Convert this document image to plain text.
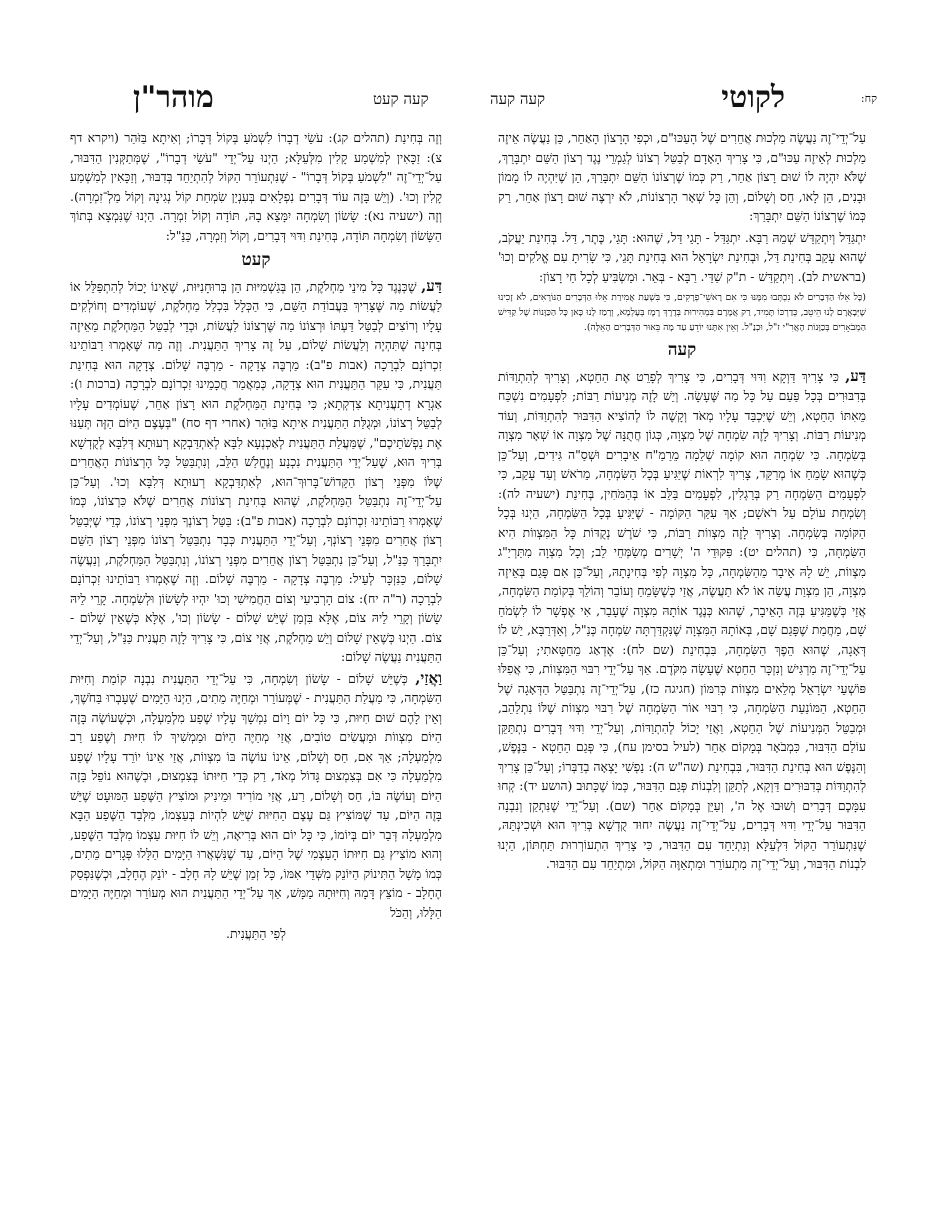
קח:
לקוטי
קעה קעה
קעה קעט
מוהר"ן

עַל־יְדֵי־זֶה נַעֲשֶׂה מַלְכוּת אֲחֵרִים שֶׁל הָעַכּוּ"ם, וּכְפִי הָרָצוֹן הָאַחֵר, כֵּן נַעֲשֶׂה אֵיזֶה מַלְכוּת לְאֵיזֶה עַכּוּ"ם, כִּי צָרִיךְ הָאָדָם לְבַטֵּל רְצוֹנוֹ לְגַמְרֵי נֶגֶד רְצוֹן הַשֵּׁם יִתְבָּרַךְ, שֶׁלֹּא יִהְיֶה לוֹ שׁוּם רָצוֹן אַחֵר, רַק כְּמוֹ שֶׁרְצוֹנוֹ הַשֵּׁם יִתְבָּרַךְ, הֵן שֶׁיִּהְיֶה לוֹ מָמוֹן וּבָנִים, הֵן לָאו, חַס וְשָׁלוֹם, וְהֵן כָּל שְׁאָר הָרְצוֹנוֹת, לֹא יִרְצֶה שׁוּם רָצוֹן אַחֵר, רַק כְּמוֹ שֶׁרְצוֹנוֹ הַשֵּׁם יִתְבָּרַךְ:

יִתְגַּדַּל וְיִתְקַדַּשׁ שְׁמֵהּ רַבָּא. יִתְגַּדַּל - תָּגֵי דַּל, שֶׁהוּא: תָּגֵי, כֶּתֶר, דַּל. בְּחִינַת יַעֲקֹב, שֶׁהוּא עָקֵב בְּחִינַת דַּל, וּבְחִינַת יִשְׂרָאֵל הוּא בְּחִינַת תָּגֵי, כִּי שָׂרִיתָ עִם אֱלֹקִים וְכוּ' (בראשית לב). וְיִתְקַדַּשׁ - ת"ק שַׁדַּי. רַבָּא - בְּאֵר. וּמַשְׂבִּיעַ לְכָל חַי רָצוֹן:

(כָּל אֵלּוּ הַדְּבָרִים לֹא נִכְתְּבוּ מִמֶּנּוּ כִּי אִם רָאשֵׁי־פְרָקִים, כִּי בִּשְׁעַת אֲמִירַת אֵלּוּ הַדְּבָרִים הַנּוֹרָאִים, לֹא זָכִינוּ שֶׁיְּבָאֲרָם לָנוּ הֵיטֵב, כְּדַרְכּוֹ תָּמִיד, רַק אֲמָרָם בִּמְהִירוּת בְּדֶרֶךְ רֶמֶז בְּעָלְמָא, וְרָמַז לָנוּ כָּאן כָּל הַכַּוָּנוֹת שֶׁל קַדִּישׁ הַמְבֹאָרִים בְּכַוָּנוֹת הָאֲרִ"י ז"ל, וּכְנַ"ל. וְאֵין אִתָּנוּ יוֹדֵעַ עַד מָה בֵּאוּר הַדְּבָרִים הָאֵלֶּה).

קעה

דַּע, כִּי צָרִיךְ דַּוְקָא וִדּוּי דְּבָרִים, כִּי צָרִיךְ לְפָרֵט אֶת הַחֵטְא, וְצָרִיךְ לְהִתְוַדּוֹת בְּדִבּוּרִים בְּכָל פַּעַם עַל כָּל מַה שֶּׁעָשָׂה. וְיֵשׁ לָזֶה מְנִיעוֹת רַבּוֹת; לִפְעָמִים נִשְׁכַּח מֵאִתּוֹ הַחֵטְא, וְיֵשׁ שֶׁיִּכְבַּד עָלָיו מְאֹד וְקָשֶׁה לוֹ לְהוֹצִיא הַדִּבּוּר לְהִתְוַדּוֹת, וְעוֹד מְנִיעוֹת רַבּוֹת. וְצָרִיךְ לָזֶה שִׂמְחָה שֶׁל מִצְוָה, כְּגוֹן חֲתֻנָּה שֶׁל מִצְוָה אוֹ שְׁאָר מִצְוָה בְּשִׂמְחָה. כִּי שִׂמְחָה הוּא קוֹמָה שְׁלֵמָה מֵרַמַ"ח אֵיבָרִים וּשְׁסַ"ה גִּידִים, וְעַל־כֵּן כְּשֶׁהוּא שָׂמֵחַ אוֹ מְרַקֵּד, צָרִיךְ לִרְאוֹת שֶׁיַּגִּיעַ בְּכָל הַשִּׂמְחָה, מֵרֹאשׁ וְעַד עָקֵב, כִּי לִפְעָמִים הַשִּׂמְחָה רַק בְּרַגְלִין, לִפְעָמִים בַּלֵּב אוֹ בְּהַמֹּחִין, בְּחִינַת (ישעיה לה): וְשִׂמְחַת עוֹלָם עַל רֹאשָׁם; אַךְ עִקַּר הַקּוֹמָה - שֶׁיַּגִּיעַ בְּכָל הַשִּׂמְחָה, הַיְנוּ בְּכָל הַקּוֹמָה בְּשִׂמְחָה. וְצָרִיךְ לָזֶה מִצְווֹת רַבּוֹת, כִּי שֹׁרֶשׁ נְקֻדּוֹת כָּל הַמִּצְווֹת הִיא הַשִּׂמְחָה, כִּי (תהלים יט): פִּקּוּדֵי ה' יְשָׁרִים מְשַׂמְּחֵי לֵב; וְכָל מִצְוָה מִתַּרְיַ"ג מִצְווֹת, יֵשׁ לָהּ אֵיבָר מֵהַשִּׂמְחָה, כָּל מִצְוָה לְפִי בְּחִינָתָהּ, וְעַל־כֵּן אִם פָּגַם בְּאֵיזֶה מִצְוָה, הֵן מִצְוַת עֲשֵׂה אוֹ לֹא תַעֲשֶׂה, אֲזַי כְּשֶׁשָּׂמֵחַ וְעוֹבֵר וְהוֹלֵךְ בְּקוֹמַת הַשִּׂמְחָה, אֲזַי כְּשֶׁמַּגִּיעַ בְּזֶה הָאֵיבָר, שֶׁהוּא כְּנֶגֶד אוֹתָהּ מִצְוָה שֶׁעָבַר, אִי אֶפְשָׁר לוֹ לִשְׂמֹחַ שָׁם, מֵחֲמַת שֶׁפָּגַם שָׁם, בְּאוֹתָהּ הַמִּצְוָה שֶׁנִּקְדַּרְתָּה שִׂמְחָה כְּנַ"ל, וְאַדְּרַבָּא, יֵשׁ לוֹ דְּאָגָה, שֶׁהוּא הֵפֶךְ הַשִּׂמְחָה, בִּבְחִינַת (שם לח): אֶדְאַג מֵחַטָּאתִי; וְעַל־כֵּן עַל־יְדֵי־זֶה מַרְגִּישׁ וְנִזְכָּר הַחֵטְא שֶׁעָשָׂה מִקֹּדֶם. אַךְ עַל־יְדֵי רִבּוּי הַמִּצְווֹת, כִּי אֲפִלּוּ פּוֹשְׁעֵי יִשְׂרָאֵל מְלֵאִים מִצְווֹת כְּרִמּוֹן (חגיגה כז), עַל־יְדֵי־זֶה נִתְבַּטֵּל הַדְּאָגָה שֶׁל הַחֵטְא, הַמּוֹנַעַת הַשִּׂמְחָה, כִּי רִבּוּי אוֹר הַשִּׂמְחָה שֶׁל רִבּוּי מִצְווֹת שֶׁלּוֹ נִתְלַהֵב, וּמְבַטֵּל הַמְּנִיעוֹת שֶׁל הַחֵטְא, וַאֲזַי יָכוֹל לְהִתְוַדּוֹת, וְעַל־יְדֵי וִדּוּי דְּבָרִים נִתְתַּקֵּן עוֹלַם הַדִּבּוּר, כִּמְבֹאָר בְּמָקוֹם אַחֵר (לעיל בסימן עח), כִּי פְּגַם הַחֵטְא - בַּנֶּפֶשׁ, וְהַנֶּפֶשׁ הוּא בְּחִינַת הַדִּבּוּר, בִּבְחִינַת (שה"ש ה): נַפְשִׁי יָצְאָה בְדַבְּרוֹ; וְעַל־כֵּן צָרִיךְ לְהִתְוַדּוֹת בְּדִבּוּרִים דַּוְקָא, לְתַקֵּן וְלִבְנוֹת פְּגַם הַדִּבּוּר, כְּמוֹ שֶׁכָּתוּב (הושע יד): קְחוּ עִמָּכֶם דְּבָרִים וְשׁוּבוּ אֶל ה', וְעַיֵּן בְּמָקוֹם אַחֵר (שם). וְעַל־יְדֵי שֶׁנִּתְקַן וְנִבְנָה הַדִּבּוּר עַל־יְדֵי וִדּוּי דְּבָרִים, עַל־יְדֵי־זֶה נַעֲשֶׂה יִחוּד קֻדְשָׁא בְּרִיךְ הוּא וּשְׁכִינְתֵּהּ, שֶׁנִּתְעוֹרֵר הַקּוֹל דִּלְעֵלָּא וְנִתְיַחֵד עִם הַדִּבּוּר, כִּי צָרִיךְ הִתְעוֹרְרוּת תַּחְתּוֹן, הַיְנוּ לִבְנוֹת הַדִּבּוּר, וְעַל־יְדֵי־זֶה מִתְעוֹרֵר וּמִתְאַוֶּה הַקּוֹל, וּמִתְיַחֵד עִם הַדִּבּוּר.

וְזֶה בְּחִינַת (תהלים קג): עֹשֵׂי דְבָרוֹ לִשְׁמֹעַ בְּקוֹל דְּבָרוֹ; וְאִיתָא בַּזֹּהַר (ויקרא דף צ): זַכָּאִין לְמִשְׁמַע קָלִין מִלְּעֵלָּא; הַיְנוּ עַל־יְדֵי "עֹשֵׂי דְבָרוֹ", שֶׁמְּתַקְּנִין הַדִּבּוּר, עַל־יְדֵי־זֶה "לִשְׁמֹעַ בְּקוֹל דְּבָרוֹ" - שֶׁנִּתְעוֹרֵר הַקּוֹל לְהִתְיַחֵד בְּדִבּוּר, וְזַכָּאִין לְמִשְׁמַע קָלִין וְכוּ'. (וְיֵשׁ בָּזֶה עוֹד דְּבָרִים נִפְלָאִים בְּעִנְיַן שִׂמְחַת קוֹל נְגִינָה וְקוֹל מַלְ־זִמְרָה). וְזֶה (ישעיה נא): שָׂשׂוֹן וְשִׂמְחָה יִמָּצֵא בָהּ, תּוֹדָה וְקוֹל זִמְרָה. הַיְנוּ שֶׁנִּמְצָא בְּתוֹךְ הַשָּׂשׂוֹן וְשִׂמְחָה תּוֹדָה, בְּחִינַת וִדּוּי דְּבָרִים, וְקוֹל וְזִמְרָה, כַּנַּ"ל:

קעט

דַּע, שֶׁכְּנֶגֶד כָּל מִינֵי מַחְלֹקֶת, הֵן בְּגַשְׁמִיּוּת הֵן בְּרוּחָנִיּוּת, שֶׁאֵינוֹ יָכוֹל לְהִתְפַּלֵּל אוֹ לַעֲשׂוֹת מַה שֶּׁצָּרִיךְ בַּעֲבוֹדַת הַשֵּׁם, כִּי הַכְּלָל בִּכְלַל מַחְלֹקֶת, שֶׁעוֹמְדִים וְחוֹלְקִים עָלָיו וְרוֹצִים לְבַטֵּל דַּעְתּוֹ וּרְצוֹנוֹ מַה שֶּׁרְצוֹנוֹ לַעֲשׂוֹת, וּכְדֵי לְבַטֵּל הַמַּחְלֹקֶת מֵאֵיזֶה בְּחִינָה שֶׁתִּהְיֶה וְלַעֲשׂוֹת שָׁלוֹם, עַל זֶה צָרִיךְ הַתַּעֲנִית. וְזֶה מַה שֶּׁאָמְרוּ רַבּוֹתֵינוּ זִכְרוֹנָם לִבְרָכָה (אבות פ"ב): מַרְבֶּה צְדָקָה - מַרְבֶּה שָׁלוֹם. צְדָקָה הוּא בְּחִינַת תַּעֲנִית, כִּי עִקַּר הַתַּעֲנִית הוּא צְדָקָה, כְּמַאֲמַר חֲכָמֵינוּ זִכְרוֹנָם לִבְרָכָה (ברכות ו): אַגְרָא דְתַעֲנִיתָא צִדְקְתָא; כִּי בְּחִינַת הַמַּחְלֹקֶת הוּא רָצוֹן אַחֵר, שֶׁעוֹמְדִים עָלָיו לְבַטֵּל רְצוֹנוֹ, וּמְגֻלַּת הַתַּעֲנִית אִיתָא בַּזֹּהַר (אחרי דף סח) "בְּעֶצֶם הַיּוֹם הַזֶּה תְּעַנּוּ אֶת נַפְשֹׁתֵיכֶם", שֶׁמַּעֲלַת הַתַּעֲנִית לְאַכְנְעָא לִבָּא לְאִתְדַּבְקָא רְעוּתָא דְּלִבָּא לְקֻדְשָׁא בְּרִיךְ הוּא, שֶׁעַל־יְדֵי הַתַּעֲנִית נִכְנָע וְנֶחֱלַשׁ הַלֵּב, וְנִתְבַּטֵּל כָּל הָרְצוֹנוֹת הָאֲחֵרִים שֶׁלּוֹ מִפְּנֵי רְצוֹן הַקָּדוֹשׁ־בָּרוּךְ־הוּא, לְאִתְדַּבְקָא רְעוּתָא דְּלִבָּא וְכוּ'. וְעַל־כֵּן עַל־יְדֵי־זֶה נִתְבַּטֵּל הַמַּחְלֹקֶת, שֶׁהוּא בְּחִינַת רְצוֹנוֹת אֲחֵרִים שֶׁלֹּא כִּרְצוֹנוֹ, כְּמוֹ שֶׁאָמְרוּ רַבּוֹתֵינוּ זִכְרוֹנָם לִבְרָכָה (אבות פ"ב): בַּטֵּל רְצוֹנְךָ מִפְּנֵי רְצוֹנוֹ, כְּדֵי שֶׁיְּבַטֵּל רְצוֹן אֲחֵרִים מִפְּנֵי רְצוֹנְךָ, וְעַל־יְדֵי הַתַּעֲנִית כְּבָר נִתְבַּטֵּל רְצוֹנוֹ מִפְּנֵי רְצוֹן הַשֵּׁם יִתְבָּרַךְ כַּנַּ"ל, וְעַל־כֵּן נִתְבַּטֵּל רְצוֹן אֲחֵרִים מִפְּנֵי רְצוֹנוֹ, וְנִתְבַּטֵּל הַמַּחְלֹקֶת, וְנַעֲשֶׂה שָׁלוֹם, כַּנִּזְכָּר לְעֵיל: מַרְבֶּה צְדָקָה - מַרְבֶּה שָׁלוֹם. וְזֶה שֶׁאָמְרוּ רַבּוֹתֵינוּ זִכְרוֹנָם לִבְרָכָה (ר"ה יח): צוֹם הָרְבִיעִי וְצוֹם הַחֲמִישִׁי וְכוּ' יִהְיוּ לְשָׂשׂוֹן וּלְשִׂמְחָה. קָרֵי לֵיהּ שָׂשׂוֹן וְקָרֵי לֵיהּ צוֹם, אֶלָּא בִּזְמַן שֶׁיֵּשׁ שָׁלוֹם - שָׂשׂוֹן וְכוּ', אֶלָּא כְּשֶׁאֵין שָׁלוֹם - צוֹם. הַיְנוּ כְּשֶׁאֵין שָׁלוֹם וְיֵשׁ מַחְלֹקֶת, אֲזַי צוֹם, כִּי צָרִיךְ לָזֶה תַּעֲנִית כַּנַּ"ל, וְעַל־יְדֵי הַתַּעֲנִית נַעֲשֶׂה שָׁלוֹם:

וַאֲזַי, כְּשֶׁיֵּשׁ שָׁלוֹם - שָׂשׂוֹן וְשִׂמְחָה, כִּי עַל־יְדֵי הַתַּעֲנִית נִבְנָה קוֹמַת וְחִיּוּת הַשִּׂמְחָה, כִּי מַעֲלַת הַתַּעֲנִית - שֶׁמְּעוֹרֵר וּמְחַיֶּה מֵתִים, הַיְנוּ הַיָּמִים שֶׁעָבְרוּ בַּחֹשֶׁךְ, וְאֵין לָהֶם שׁוּם חִיּוּת, כִּי כָּל יוֹם וָיוֹם נִמְשָׁךְ עָלָיו שֶׁפַע מִלְמַעְלָה, וּכְשֶׁעוֹשֶׂה בָּזֶה הַיּוֹם מִצְווֹת וּמַעֲשִׂים טוֹבִים, אֲזַי מְחַיֶּה הַיּוֹם וּמַמְשִׁיךְ לוֹ חִיּוּת וְשֶׁפַע רַב מִלְמַעְלָה; אַךְ אִם, חַס וְשָׁלוֹם, אֵינוֹ עוֹשֶׂה בּוֹ מִצְווֹת, אֲזַי אֵינוֹ יוֹרֵד עָלָיו שֶׁפַע מִלְמַעְלָה כִּי אִם בְּצִמְצוּם גָּדוֹל מְאֹד, רַק כְּדֵי חִיּוּתוֹ בְּצִמְצוּם, וּכְשֶׁהוּא נוֹפֵל בָּזֶה הַיּוֹם וְעוֹשֶׂה בּוֹ, חַס וְשָׁלוֹם, רַע, אֲזַי מוֹרִיד וּמֵינִיק וּמוֹצִיץ הַשֶּׁפַע הַמּוּעָט שֶׁיֵּשׁ בָּזֶה הַיּוֹם, עַד שֶׁמּוֹצִיץ גַּם עֶצֶם הַחִיּוּת שֶׁיֵּשׁ לִהְיוֹת בְּעַצְמוֹ, מִלְּבַד הַשֶּׁפַע הַבָּא מִלְמַעְלָה דְּבַר יוֹם בְּיוֹמוֹ, כִּי כָּל יוֹם הוּא בְּרִיאָה, וְיֵשׁ לוֹ חִיּוּת עַצְמוֹ מִלְּבַד הַשֶּׁפַע, וְהוּא מוֹצִיץ גַּם חִיּוּתוֹ הָעַצְמִי שֶׁל הַיּוֹם, עַד שֶׁנִּשְׁאֲרוּ הַיָּמִים הַלָּלוּ פְּגָרִים מֵתִים, כְּמוֹ מָשָׁל הַתִּינוֹק הַיּוֹנֵק מִשְּׁדֵי אִמּוֹ, כָּל זְמַן שֶׁיֵּשׁ לָהּ חָלָב - יוֹנֵק הֶחָלָב, וּכְשֶׁנִּפְסַק הֶחָלָב - מוֹצֵץ דָּמָהּ וְחִיּוּתָהּ מַמָּשׁ, אַךְ עַל־יְדֵי הַתַּעֲנִית הוּא מְעוֹרֵר וּמְחַיֶּה הַיָּמִים הַלָּלוּ, וְהַכֹּל

לְפִי הַתַּעֲנִית.
